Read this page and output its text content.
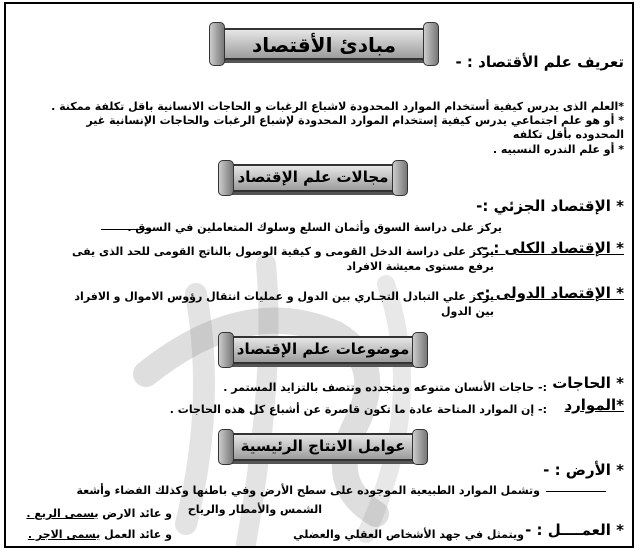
مبادئ الأقتصاد
تعريف علم الأقتصاد : -
*العلم الذى يدرس كيفية أستخدام الموارد المحدودة لاشباع الرغبات و الحاجات الانسانية باقل تكلفة ممكنة .
* أو هو علم اجتماعي يدرس كيفية إستخدام الموارد المحدودة لإشباع الرغبات والحاجات الإنسانية غير
المحدوده بأقل تكلفه
* أو علم الندره النسبيه .
مجالات علم الإقتصاد
* الإقتصاد الجزئي :-
يركز على دراسة السوق وأثمان السلع وسلوك المتعاملين في السوق .
* الإقتصاد الكلى : -
يركز على دراسة الدخل القومى و كيفية الوصول بالناتج القومى للحد الذى يفى
برفع مستوى معيشة الافراد
* الإقتصاد الدولى :-
يركز علي التبادل التجـاري بين الدول و عمليات انتقال رؤوس الاموال و الافراد
بين الدول
موضوعات علم الإقتصاد
* الحاجات
:- حاجات الأنسان متنوعه ومتجدده وتتصف بالتزايد المستمر .
*الموارد
:- إن الموارد المتاحة عادة ما تكون قاصرة عن أشباع كل هذه الحاجات .
عوامل الانتاج الرئيسية
* الأرض : -
وتشمل الموارد الطبيعية الموجوده على سطح الأرض وفي باطنها وكذلك الفضاء وأشعة
الشمس والأمطار والرياح
و عائد الارض يسمى الريع .
* العمــــل : -
ويتمثل في جهد الأشخاص العقلي والعضلي
و عائد العمل يسمى الاجر .
